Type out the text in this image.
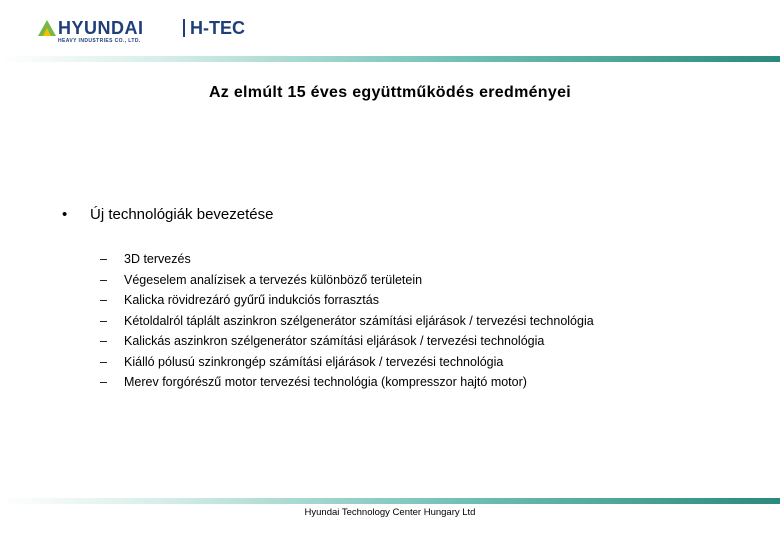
HYUNDAI	H-TEC
HEAVY INDUSTRIES CO., LTD.
Az elmúlt 15 éves együttműködés eredményei
• Új technológiák bevezetése
– 3D tervezés
– Végeselem analízisek a tervezés különböző területein
– Kalicka rövidrezáró gyűrű indukciós forrasztás
– Kétoldalról táplált aszinkron szélgenerátor számítási eljárások / tervezési technológia
– Kalickás aszinkron szélgenerátor számítási eljárások / tervezési technológia
– Kiálló pólusú szinkrongép számítási eljárások / tervezési technológia
– Merev forgórészű motor tervezési technológia (kompresszor hajtó motor)
Hyundai Technology Center Hungary Ltd
